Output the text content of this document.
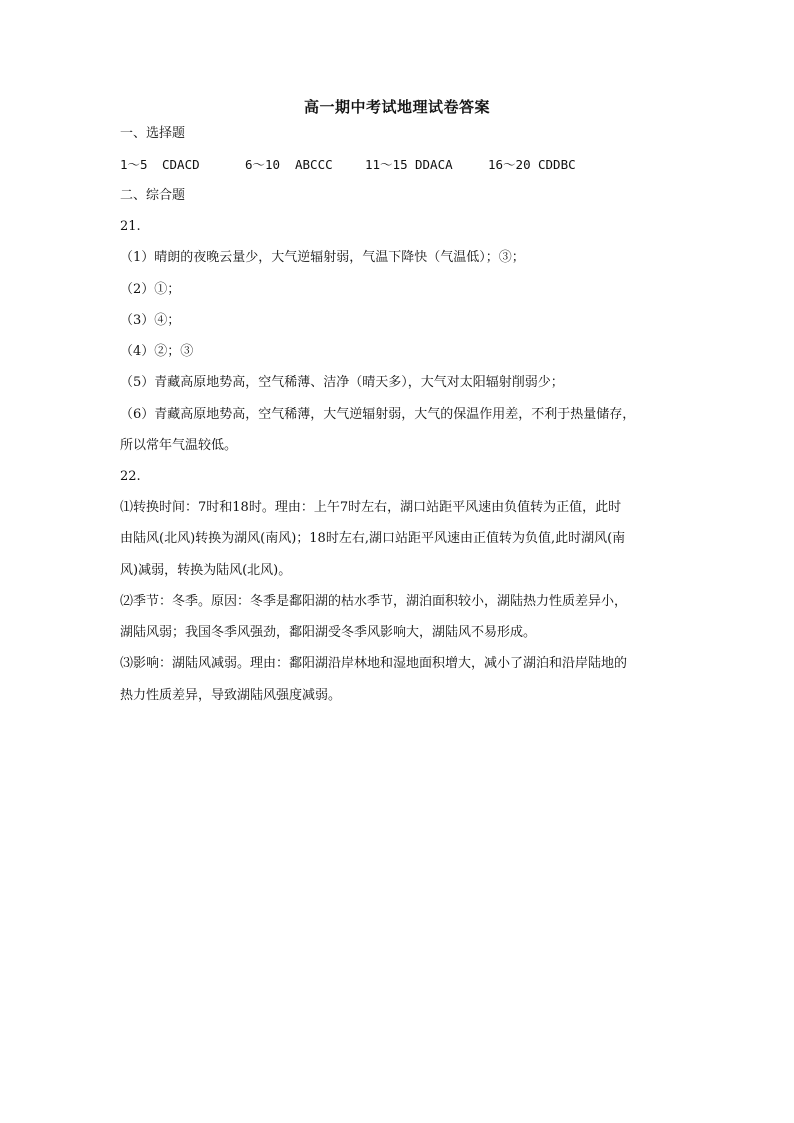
高一期中考试地理试卷答案
一、选择题
1～5 CDACD	6～10 ABCCC	11～15 DDACA	16～20 CDDBC
二、综合题
21.
（1）晴朗的夜晚云量少，大气逆辐射弱，气温下降快（气温低）；③；
（2）①；
（3）④；
（4）②；③
（5）青藏高原地势高，空气稀薄、洁净（晴天多），大气对太阳辐射削弱少；
（6）青藏高原地势高，空气稀薄，大气逆辐射弱，大气的保温作用差，不利于热量储存，
所以常年气温较低。
22.
⑴转换时间：7时和18时。理由：上午7时左右，湖口站距平风速由负值转为正值，此时
由陆风(北风)转换为湖风(南风)；18时左右,湖口站距平风速由正值转为负值,此时湖风(南
风)减弱，转换为陆风(北风)。
⑵季节：冬季。原因：冬季是鄱阳湖的枯水季节，湖泊面积较小，湖陆热力性质差异小，
湖陆风弱；我国冬季风强劲，鄱阳湖受冬季风影响大，湖陆风不易形成。
⑶影响：湖陆风减弱。理由：鄱阳湖沿岸林地和湿地面积增大，减小了湖泊和沿岸陆地的
热力性质差异，导致湖陆风强度减弱。
